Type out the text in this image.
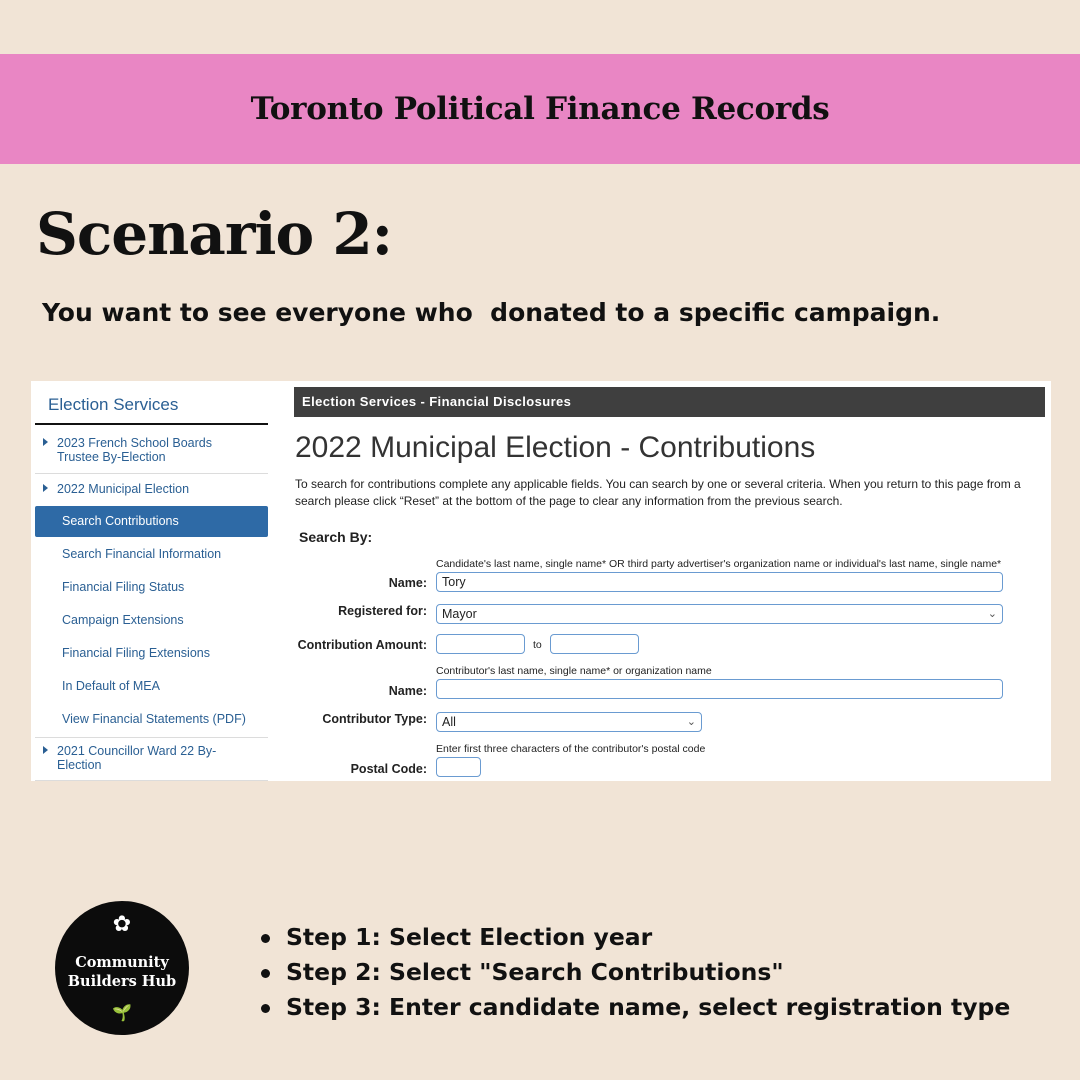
Toronto Political Finance Records
Scenario 2:
You want to see everyone who  donated to a specific campaign.
Election Services
2023 French School Boards Trustee By-Election
2022 Municipal Election
Search Contributions
Search Financial Information
Financial Filing Status
Campaign Extensions
Financial Filing Extensions
In Default of MEA
View Financial Statements (PDF)
2021 Councillor Ward 22 By-Election
Election Services - Financial Disclosures
2022 Municipal Election - Contributions
To search for contributions complete any applicable fields. You can search by one or several criteria. When you return to this page from a search please click “Reset” at the bottom of the page to clear any information from the previous search.
Search By:
Candidate's last name, single name* OR third party advertiser's organization name or individual's last name, single name*
Name:	Tory
Registered for:	Mayor	⌄
Contribution Amount:	to
Contributor's last name, single name* or organization name
Name:
Contributor Type:	All	⌄
Enter first three characters of the contributor's postal code
Postal Code:
✿
Community
Builders Hub
🌱
Step 1: Select Election year
Step 2: Select "Search Contributions"
Step 3: Enter candidate name, select registration type
